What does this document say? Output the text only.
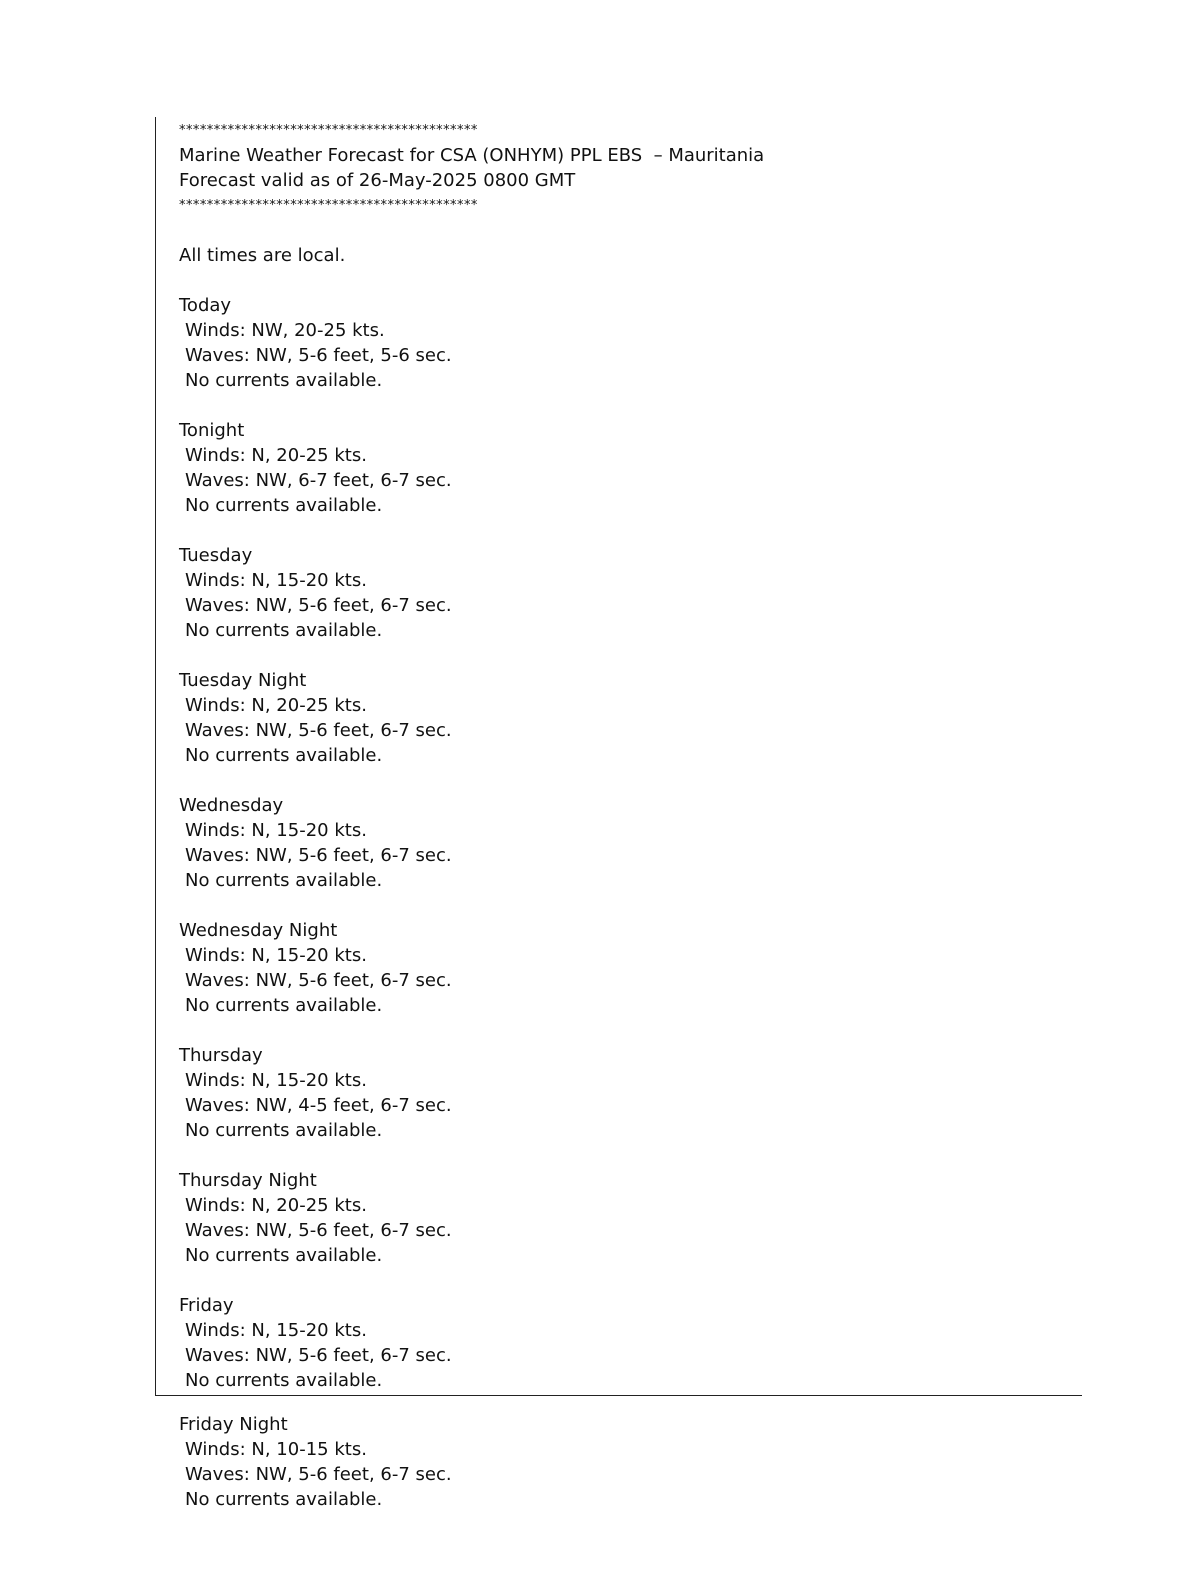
*******************************************
Marine Weather Forecast for CSA (ONHYM) PPL EBS  – Mauritania
Forecast valid as of 26-May-2025 0800 GMT
*******************************************
All times are local.
Today
Winds: NW, 20-25 kts.
Waves: NW, 5-6 feet, 5-6 sec.
No currents available.
Tonight
Winds: N, 20-25 kts.
Waves: NW, 6-7 feet, 6-7 sec.
No currents available.
Tuesday
Winds: N, 15-20 kts.
Waves: NW, 5-6 feet, 6-7 sec.
No currents available.
Tuesday Night
Winds: N, 20-25 kts.
Waves: NW, 5-6 feet, 6-7 sec.
No currents available.
Wednesday
Winds: N, 15-20 kts.
Waves: NW, 5-6 feet, 6-7 sec.
No currents available.
Wednesday Night
Winds: N, 15-20 kts.
Waves: NW, 5-6 feet, 6-7 sec.
No currents available.
Thursday
Winds: N, 15-20 kts.
Waves: NW, 4-5 feet, 6-7 sec.
No currents available.
Thursday Night
Winds: N, 20-25 kts.
Waves: NW, 5-6 feet, 6-7 sec.
No currents available.
Friday
Winds: N, 15-20 kts.
Waves: NW, 5-6 feet, 6-7 sec.
No currents available.
Friday Night
Winds: N, 10-15 kts.
Waves: NW, 5-6 feet, 6-7 sec.
No currents available.
